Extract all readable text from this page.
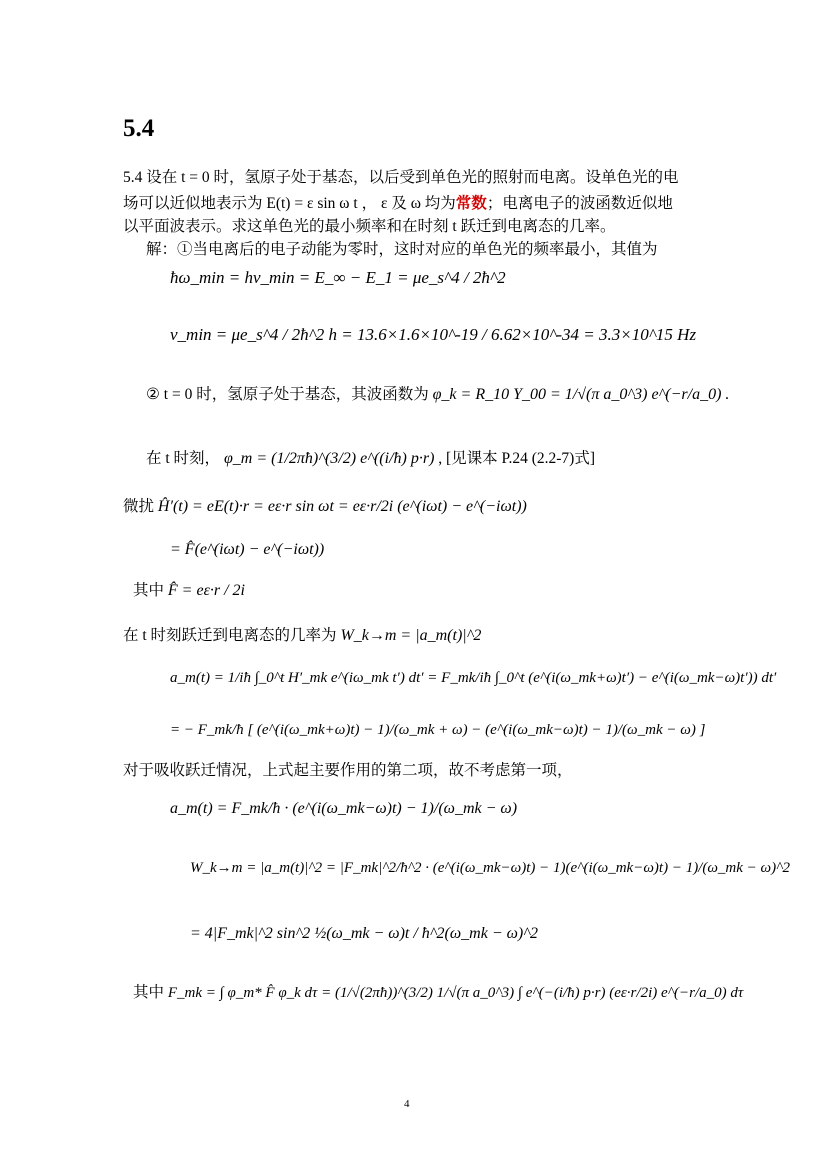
5.4
5.4 设在 t = 0 时，氢原子处于基态，以后受到单色光的照射而电离。设单色光的电
场可以近似地表示为 E(t) = ε sin ω t ， ε 及 ω 均为常数；电离电子的波函数近似地
以平面波表示。求这单色光的最小频率和在时刻 t 跃迁到电离态的几率。
解：①当电离后的电子动能为零时，这时对应的单色光的频率最小，其值为
ħω_min = hν_min = E_∞ − E_1 = μe_s^4 / 2ħ^2
ν_min = μe_s^4 / 2ħ^2 h = 13.6×1.6×10^-19 / 6.62×10^-34 = 3.3×10^15 Hz
② t = 0 时，氢原子处于基态，其波函数为 φ_k = R_10 Y_00 = 1/√(π a_0^3) e^(−r/a_0) .
在 t 时刻， φ_m = (1/2πħ)^(3/2) e^((i/ħ) p·r) , [见课本 P.24 (2.2-7)式]
微扰 Ĥ′(t) = eE(t)·r = eε·r sin ωt = eε·r/2i (e^(iωt) − e^(−iωt))
= F̂(e^(iωt) − e^(−iωt))
其中 F̂ = eε·r / 2i
在 t 时刻跃迁到电离态的几率为 W_k→m = |a_m(t)|^2
a_m(t) = 1/iħ ∫_0^t H′_mk e^(iω_mk t′) dt′ = F_mk/iħ ∫_0^t (e^(i(ω_mk+ω)t′) − e^(i(ω_mk−ω)t′)) dt′
= − F_mk/ħ [ (e^(i(ω_mk+ω)t) − 1)/(ω_mk + ω) − (e^(i(ω_mk−ω)t) − 1)/(ω_mk − ω) ]
对于吸收跃迁情况，上式起主要作用的第二项，故不考虑第一项，
a_m(t) = F_mk/ħ · (e^(i(ω_mk−ω)t) − 1)/(ω_mk − ω)
W_k→m = |a_m(t)|^2 = |F_mk|^2/ħ^2 · (e^(i(ω_mk−ω)t) − 1)(e^(i(ω_mk−ω)t) − 1)/(ω_mk − ω)^2
= 4|F_mk|^2 sin^2 ½(ω_mk − ω)t / ħ^2(ω_mk − ω)^2
其中 F_mk = ∫ φ_m* F̂ φ_k dτ = (1/√(2πħ))^(3/2) 1/√(π a_0^3) ∫ e^(−(i/ħ) p·r) (eε·r/2i) e^(−r/a_0) dτ
4
